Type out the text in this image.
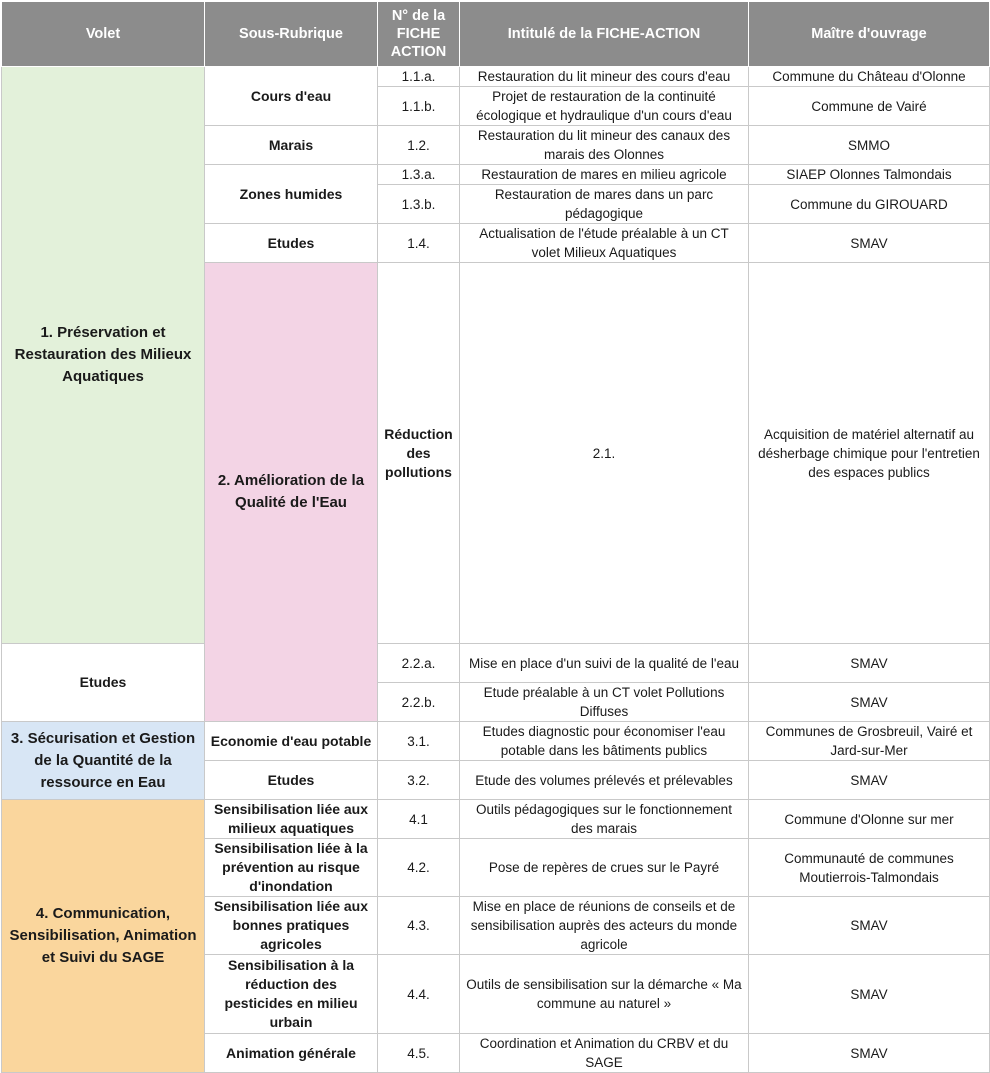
Volet	Sous-Rubrique	N° de la FICHE ACTION	Intitulé de la FICHE-ACTION	Maître d'ouvrage	
1. Préservation et Restauration des Milieux Aquatiques	Cours d'eau	1.1.a.	Restauration du lit mineur des cours d'eau	Commune du Château d'Olonne	
		1.1.b.	Projet de restauration de la continuité écologique et hydraulique d'un cours d'eau	Commune de Vairé	
	Marais	1.2.	Restauration du lit mineur des canaux des marais des Olonnes	SMMO	
	Zones humides	1.3.a.	Restauration de mares en milieu agricole	SIAEP Olonnes Talmondais	
		1.3.b.	Restauration de mares dans un parc pédagogique	Commune du GIROUARD	
	Etudes	1.4.	Actualisation de l'étude préalable à un CT volet Milieux Aquatiques	SMAV	
	2. Amélioration de la Qualité de l'Eau	Réduction des pollutions	2.1.	Acquisition de matériel alternatif au désherbage chimique pour l'entretien des espaces publics	
Etudes		2.2.a.	Mise en place d'un suivi de la qualité de l'eau	SMAV	
		2.2.b.	Etude préalable à un CT volet Pollutions Diffuses	SMAV	
3. Sécurisation et Gestion de la Quantité de la ressource en Eau	Economie d'eau potable	3.1.	Etudes diagnostic pour économiser l'eau potable dans les bâtiments publics	Communes de Grosbreuil, Vairé et Jard-sur-Mer	
	Etudes	3.2.	Etude des volumes prélevés et prélevables	SMAV	
4. Communication, Sensibilisation, Animation et Suivi du SAGE	Sensibilisation liée aux milieux aquatiques	4.1	Outils pédagogiques sur le fonctionnement des marais	Commune d'Olonne sur mer	
	Sensibilisation liée à la prévention au risque d'inondation	4.2.	Pose de repères de crues sur le Payré	Communauté de communes Moutierrois-Talmondais	
	Sensibilisation liée aux bonnes pratiques agricoles	4.3.	Mise en place de réunions de conseils et de sensibilisation auprès des acteurs du monde agricole	SMAV	
	Sensibilisation à la réduction des pesticides en milieu urbain	4.4.	Outils de sensibilisation sur la démarche « Ma commune au naturel »	SMAV	
	Animation générale	4.5.	Coordination et Animation du CRBV et du SAGE	SMAV	
